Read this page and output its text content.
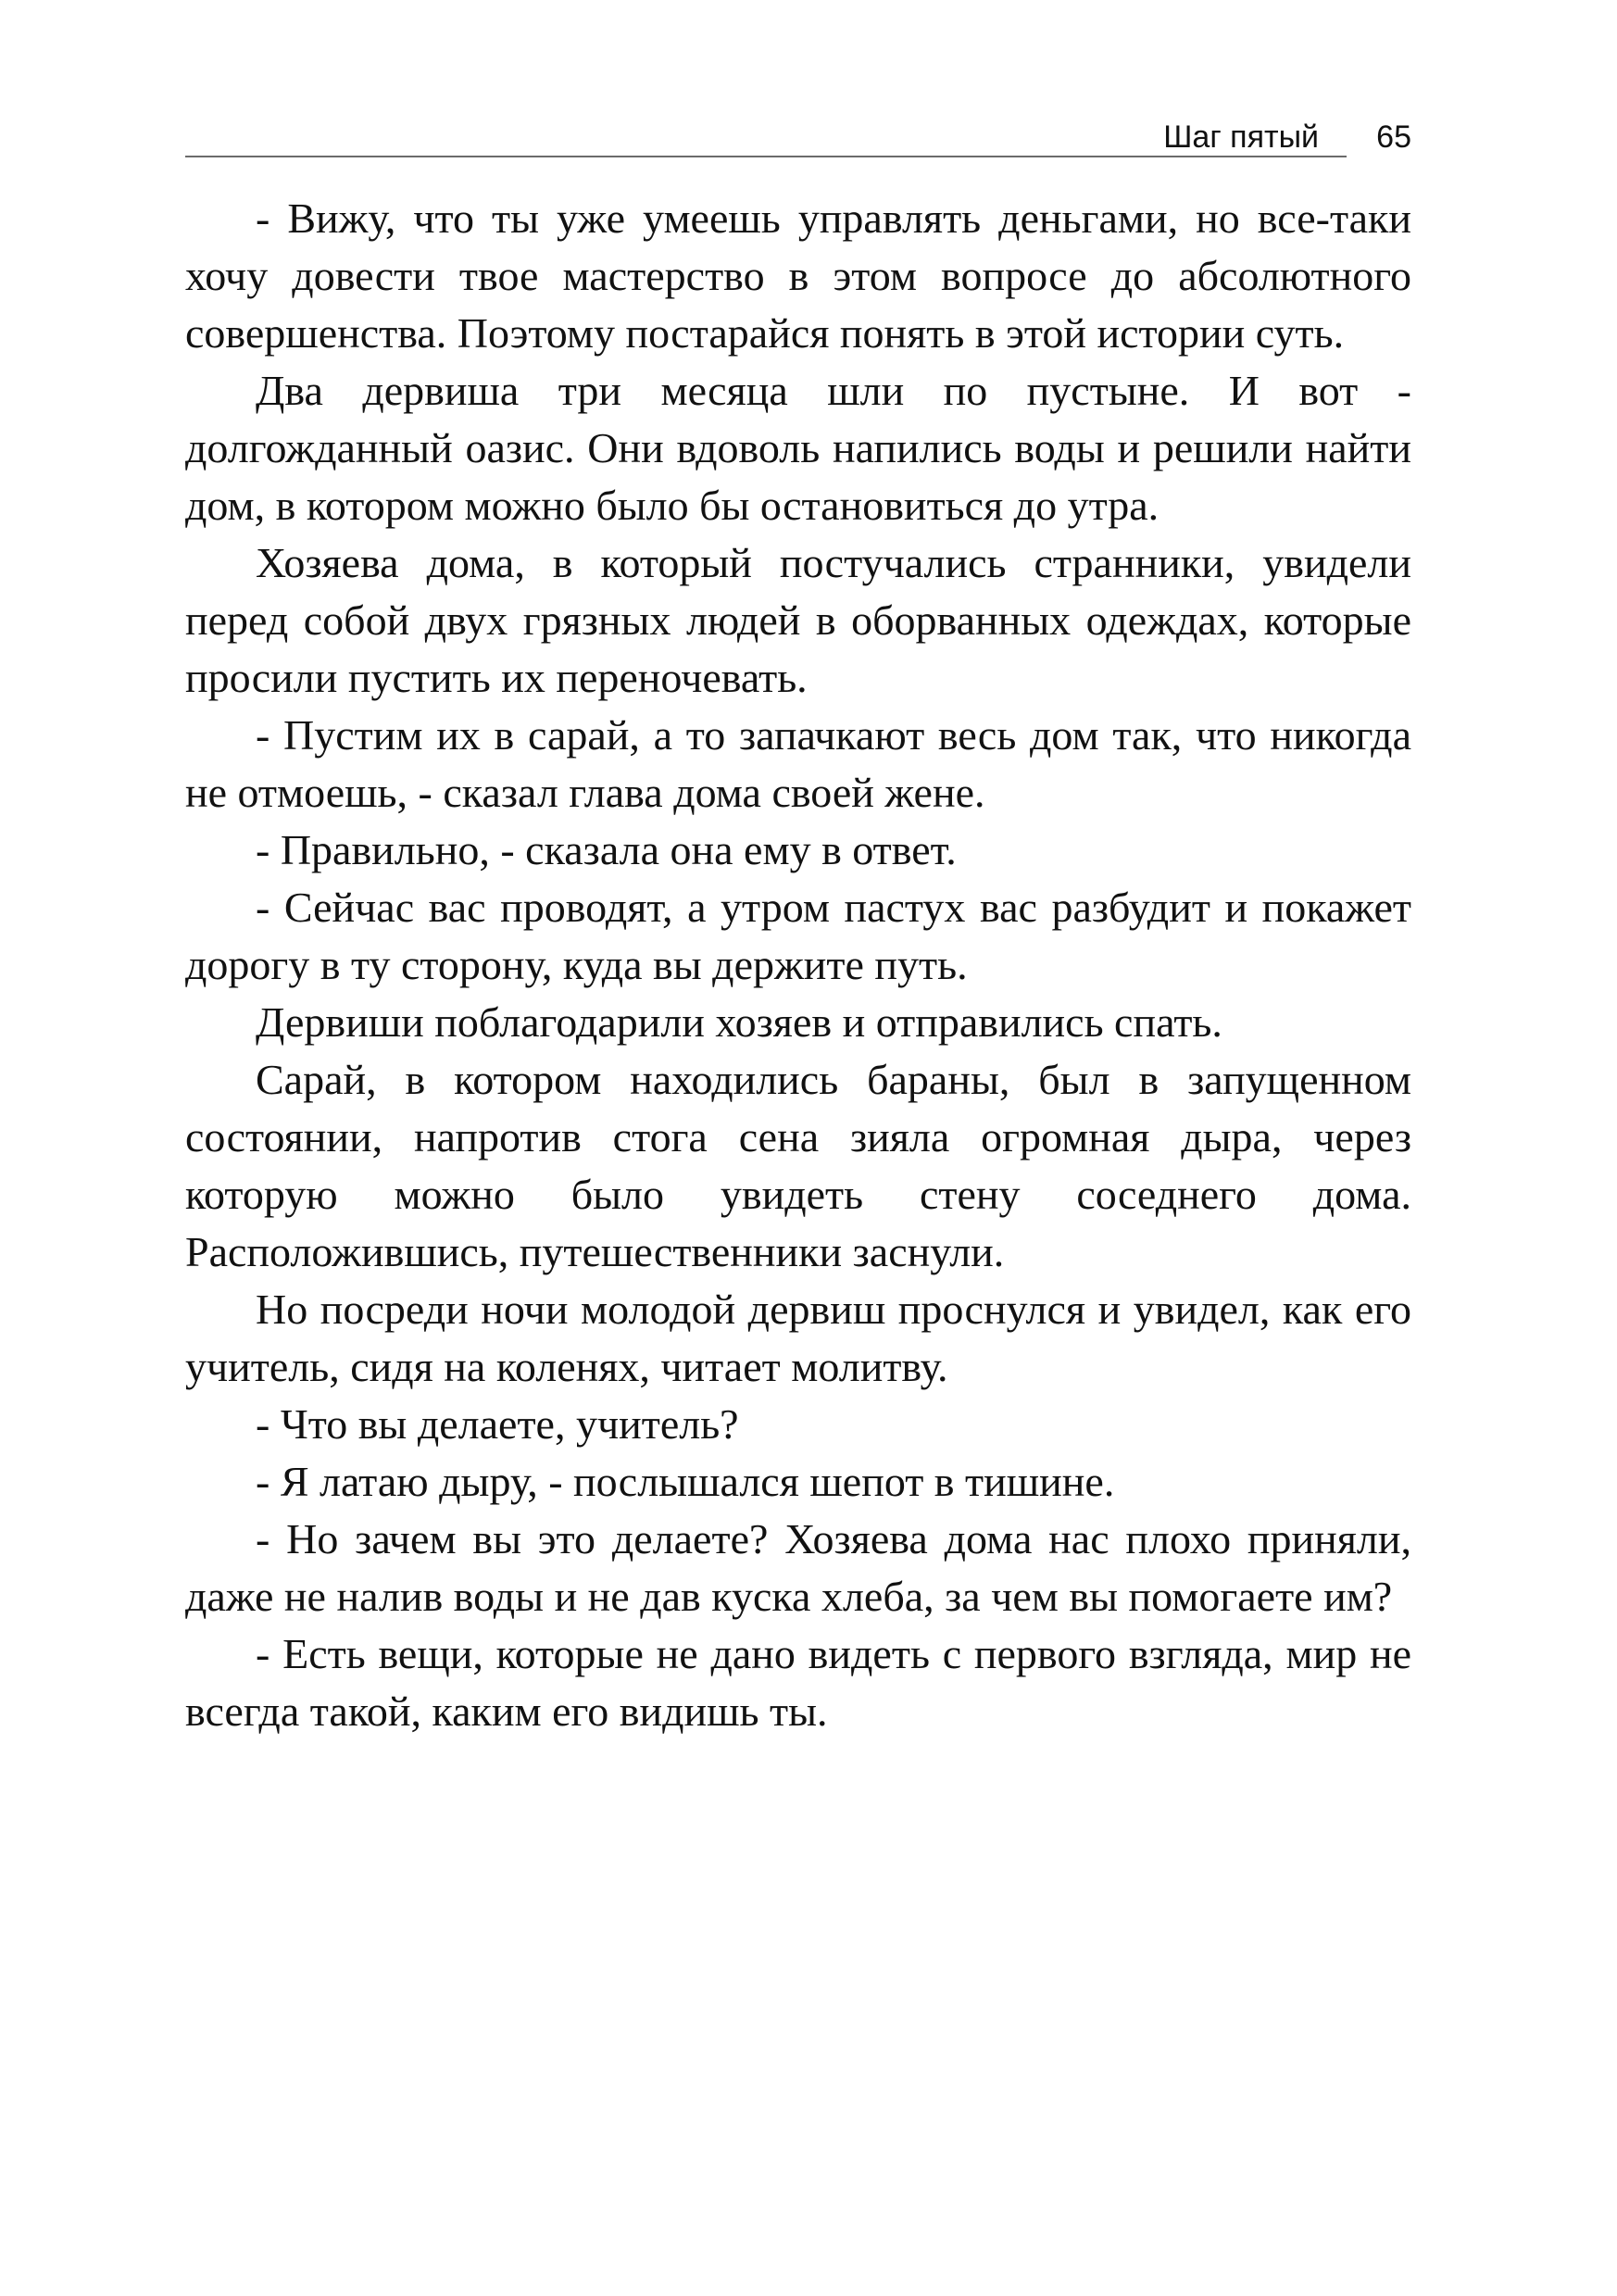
Шаг пятый 65

- Вижу, что ты уже умеешь управлять деньгами, но все-таки хочу довести твое мастерство в этом вопросе до абсолютного совершенства. Поэтому постарайся понять в этой истории суть.

Два дервиша три месяца шли по пустыне. И вот - долгожданный оазис. Они вдоволь напились воды и решили найти дом, в котором можно было бы остановиться до утра.

Хозяева дома, в который постучались странники, увидели перед собой двух грязных людей в оборванных одеждах, которые просили пустить их переночевать.

- Пустим их в сарай, а то запачкают весь дом так, что никогда не отмоешь, - сказал глава дома своей жене.

- Правильно, - сказала она ему в ответ.

- Сейчас вас проводят, а утром пастух вас разбудит и покажет дорогу в ту сторону, куда вы держите путь.

Дервиши поблагодарили хозяев и отправились спать.

Сарай, в котором находились бараны, был в запущенном состоянии, напротив стога сена зияла огромная дыра, через которую можно было увидеть стену соседнего дома. Расположившись, путешественники заснули.

Но посреди ночи молодой дервиш проснулся и увидел, как его учитель, сидя на коленях, читает молитву.

- Что вы делаете, учитель?

- Я латаю дыру, - послышался шепот в тишине.

- Но зачем вы это делаете? Хозяева дома нас плохо приняли, даже не налив воды и не дав куска хлеба, за чем вы помогаете им?

- Есть вещи, которые не дано видеть с первого взгляда, мир не всегда такой, каким его видишь ты.
